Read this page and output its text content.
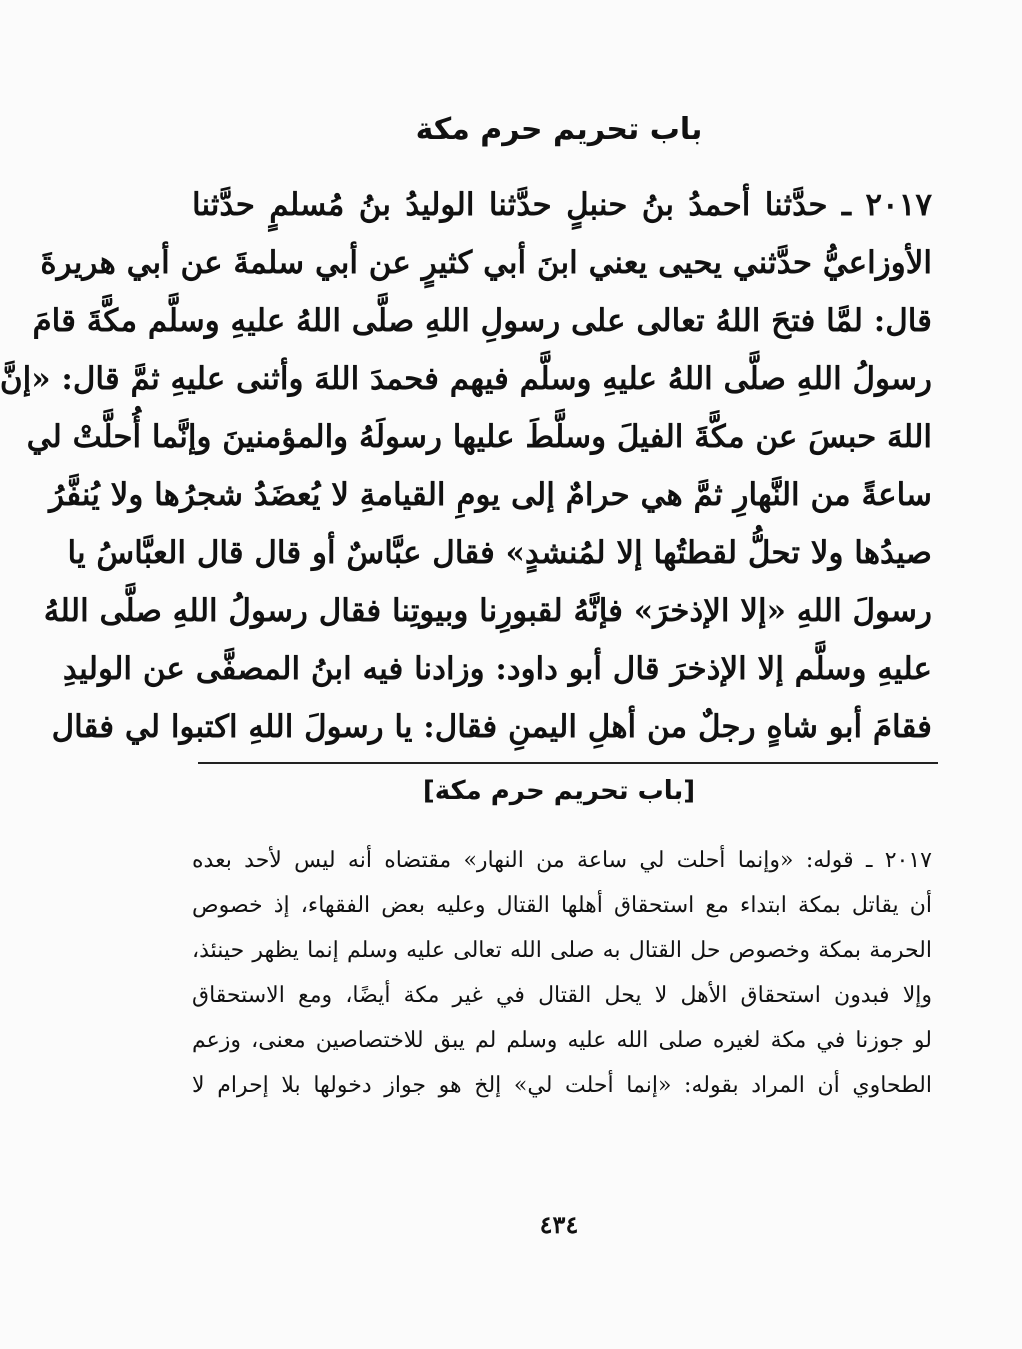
باب تحريم حرم مكة
٢٠١٧ ـ حدَّثنا أحمدُ بنُ حنبلٍ حدَّثنا الوليدُ بنُ مُسلمٍ حدَّثنا
الأوزاعيُّ حدَّثني يحيى يعني ابنَ أبي كثيرٍ عن أبي سلمةَ عن أبي هريرةَ
قال: لمَّا فتحَ اللهُ تعالى على رسولِ اللهِ صلَّى اللهُ عليهِ وسلَّم مكَّةَ قامَ
رسولُ اللهِ صلَّى اللهُ عليهِ وسلَّم فيهم فحمدَ اللهَ وأثنى عليهِ ثمَّ قال: «إنَّ
اللهَ حبسَ عن مكَّةَ الفيلَ وسلَّطَ عليها رسولَهُ والمؤمنينَ وإنَّما أُحلَّتْ لي
ساعةً من النَّهارِ ثمَّ هي حرامٌ إلى يومِ القيامةِ لا يُعضَدُ شجرُها ولا يُنفَّرُ
صيدُها ولا تحلُّ لقطتُها إلا لمُنشدٍ» فقال عبَّاسٌ أو قال قال العبَّاسُ يا
رسولَ اللهِ «إلا الإذخرَ» فإنَّهُ لقبورِنا وبيوتِنا فقال رسولُ اللهِ صلَّى اللهُ
عليهِ وسلَّم إلا الإذخرَ قال أبو داود: وزادنا فيه ابنُ المصفَّى عن الوليدِ
فقامَ أبو شاهٍ رجلٌ من أهلِ اليمنِ فقال: يا رسولَ اللهِ اكتبوا لي فقال
[باب تحريم حرم مكة]
٢٠١٧ ـ قوله: «وإنما أحلت لي ساعة من النهار» مقتضاه أنه ليس لأحد بعده
أن يقاتل بمكة ابتداء مع استحقاق أهلها القتال وعليه بعض الفقهاء، إذ خصوص
الحرمة بمكة وخصوص حل القتال به صلى الله تعالى عليه وسلم إنما يظهر حينئذ،
وإلا فبدون استحقاق الأهل لا يحل القتال في غير مكة أيضًا، ومع الاستحقاق
لو جوزنا في مكة لغيره صلى الله عليه وسلم لم يبق للاختصاصين معنى، وزعم
الطحاوي أن المراد بقوله: «إنما أحلت لي» إلخ هو جواز دخولها بلا إحرام لا
٤٣٤
